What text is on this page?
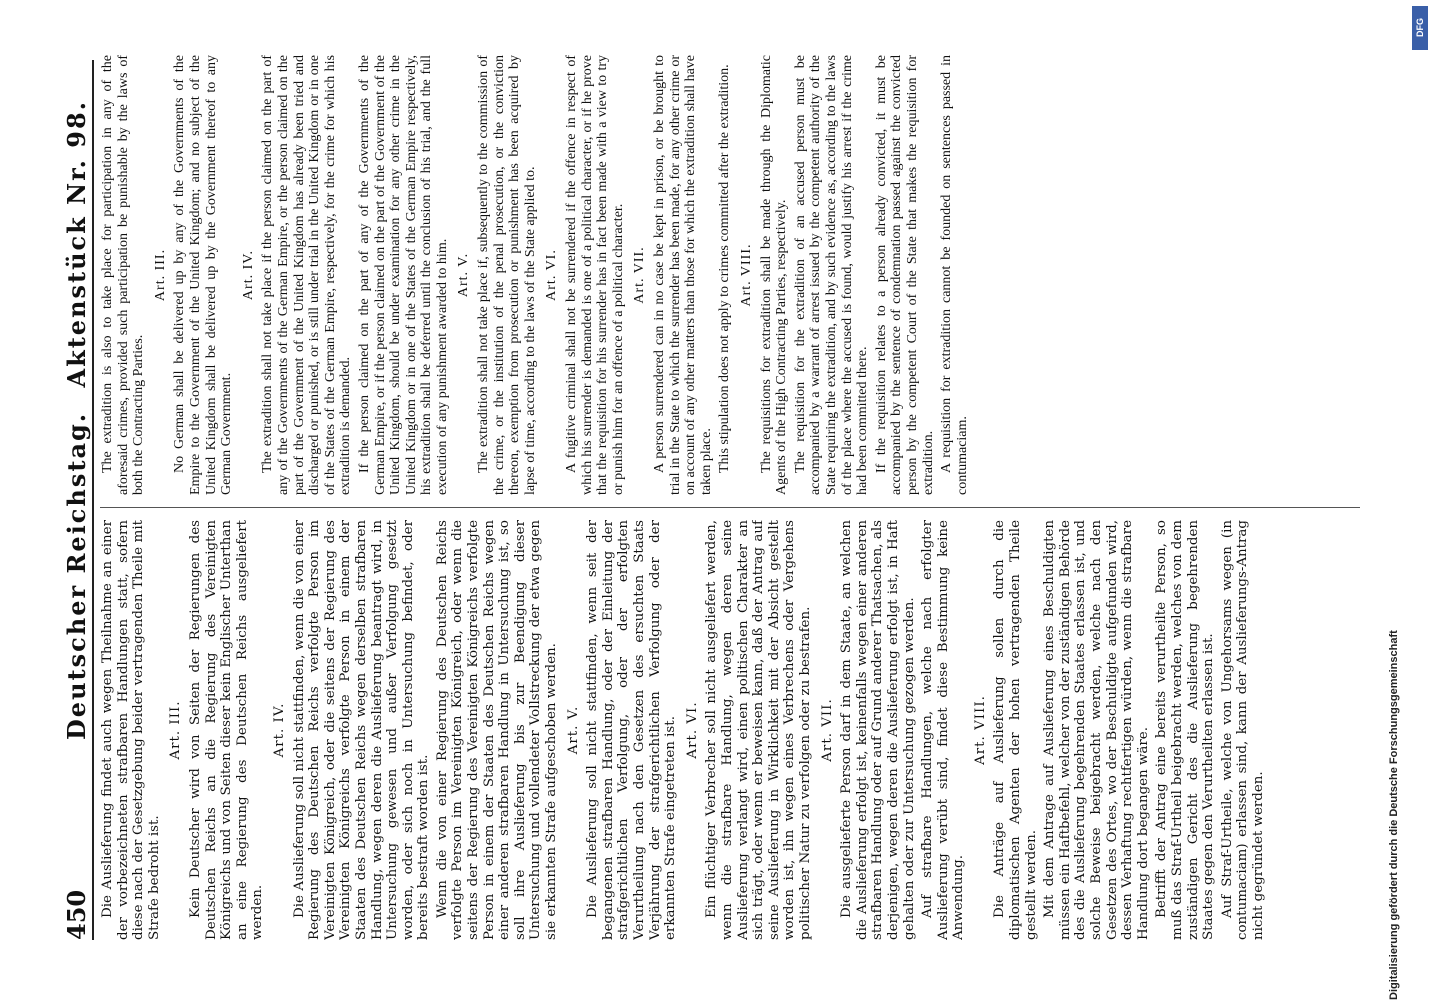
450
Deutscher Reichstag.
Aktenstück Nr. 98.

Die Auslieferung findet auch wegen Theilnahme an einer der vorbezeichneten strafbaren Handlungen statt, sofern diese nach der Gesetzgebung beider vertragenden Theile mit Strafe bedroht ist.

Art. III. Kein Deutscher wird von Seiten der Regierungen des Deutschen Reichs an die Regierung des Vereinigten Königreichs und von Seiten dieser kein Englischer Unterthan an eine Regierung des Deutschen Reichs ausgeliefert werden.

Art. IV. Die Auslieferung soll nicht stattfinden, wenn die von einer Regierung des Deutschen Reichs verfolgte Person im Vereinigten Königreich, oder die seitens der Regierung des Vereinigten Königreichs verfolgte Person in einem der Staaten des Deutschen Reichs wegen derselben strafbaren Handlung, wegen deren die Auslieferung beantragt wird, in Untersuchung gewesen und außer Verfolgung gesetzt worden, oder sich noch in Untersuchung befindet, oder bereits bestraft worden ist. Wenn die von einer Regierung des Deutschen Reichs verfolgte Person im Vereinigten Königreich, oder wenn die seitens der Regierung des Vereinigten Königreichs verfolgte Person in einem der Staaten des Deutschen Reichs wegen einer anderen strafbaren Handlung in Untersuchung ist, so soll ihre Auslieferung bis zur Beendigung dieser Untersuchung und vollendeter Vollstreckung der etwa gegen sie erkannten Strafe aufgeschoben werden. Art. V. Die Auslieferung soll nicht stattfinden, wenn seit der begangenen strafbaren Handlung, oder der Einleitung der strafgerichtlichen Verfolgung, oder der erfolgten Verurtheilung nach den Gesetzen des ersuchten Staats Verjährung der strafgerichtlichen Verfolgung oder der erkannten Strafe eingetreten ist. Art. VI. Ein flüchtiger Verbrecher soll nicht ausgeliefert werden, wenn die strafbare Handlung, wegen deren seine Auslieferung verlangt wird, einen politischen Charakter an sich trägt, oder wenn er beweisen kann, daß der Antrag auf seine Auslieferung in Wirklichkeit mit der Absicht gestellt worden ist, ihn wegen eines Verbrechens oder Vergehens politischer Natur zu verfolgen oder zu bestrafen. Art. VII. Die ausgelieferte Person darf in dem Staate, an welchen die Auslieferung erfolgt ist, keinenfalls wegen einer anderen strafbaren Handlung oder auf Grund anderer Thatsachen, als derjenigen, wegen deren die Auslieferung erfolgt ist, in Haft gehalten oder zur Untersuchung gezogen werden. Auf strafbare Handlungen, welche nach erfolgter Auslieferung verübt sind, findet diese Bestimmung keine Anwendung.

Art. VIII. Die Anträge auf Auslieferung sollen durch die diplomatischen Agenten der hohen vertragenden Theile gestellt werden. Mit dem Antrage auf Auslieferung eines Beschuldigten müssen ein Haftbefehl, welcher von der zuständigen Behörde des die Auslieferung begehrenden Staates erlassen ist, und solche Beweise beigebracht werden, welche nach den Gesetzen des Ortes, wo der Beschuldigte aufgefunden wird, dessen Verhaftung rechtfertigen würden, wenn die strafbare Handlung dort begangen wäre. Betrifft der Antrag eine bereits verurtheilte Person, so muß das Straf-Urtheil beigebracht werden, welches von dem zuständigen Gericht des die Auslieferung begehrenden Staates gegen den Verurtheilten erlassen ist. Auf Straf-Urtheile, welche von Ungehorsams wegen (in contumaciam) erlassen sind, kann der Auslieferungs-Antrag nicht gegründet werden.

The extradition is also to take place for participation in any of the aforesaid crimes, provided such participation be punishable by the laws of both the Contracting Parties.

Art. III. No German shall be delivered up by any of the Governments of the Empire to the Government of the United Kingdom; and no subject of the United Kingdom shall be delivered up by the Government thereof to any German Government.

Art. IV. The extradition shall not take place if the person claimed on the part of any of the Governments of the German Empire, or the person claimed on the part of the Government of the United Kingdom has already been tried and discharged or punished, or is still under trial in the United Kingdom or in one of the States of the German Empire, respectively, for the crime for which his extradition is demanded. If the person claimed on the part of any of the Governments of the German Empire, or if the person claimed on the part of the Government of the United Kingdom, should be under examination for any other crime in the United Kingdom or in one of the States of the German Empire respectively, his extradition shall be deferred until the conclusion of his trial, and the full execution of any punishment awarded to him. Art. V. The extradition shall not take place if, subsequently to the commission of the crime, or the institution of the penal prosecution, or the conviction thereon, exemption from prosecution or punishment has been acquired by lapse of time, according to the laws of the State applied to. Art. VI. A fugitive criminal shall not be surrendered if the offence in respect of which his surrender is demanded is one of a political character, or if he prove that the requisition for his surrender has in fact been made with a view to try or punish him for an offence of a political character. Art. VII. A person surrendered can in no case be kept in prison, or be brought to trial in the State to which the surrender has been made, for any other crime or on account of any other matters than those for which the extradition shall have taken place. This stipulation does not apply to crimes committed after the extradition. Art. VIII. The requisitions for extradition shall be made through the Diplomatic Agents of the High Contracting Parties, respectively. The requisition for the extradition of an accused person must be accompanied by a warrant of arrest issued by the competent authority of the State requiring the extradition, and by such evidence as, according to the laws of the place where the accused is found, would justify his arrest if the crime had been committed there. If the requisition relates to a person already convicted, it must be accompanied by the sentence of condemnation passed against the convicted person by the competent Court of the State that makes the requisition for extradition. A requisition for extradition cannot be founded on sentences passed in contumaciam.

Digitalisierung gefördert durch die Deutsche Forschungsgemeinschaft
DFG
